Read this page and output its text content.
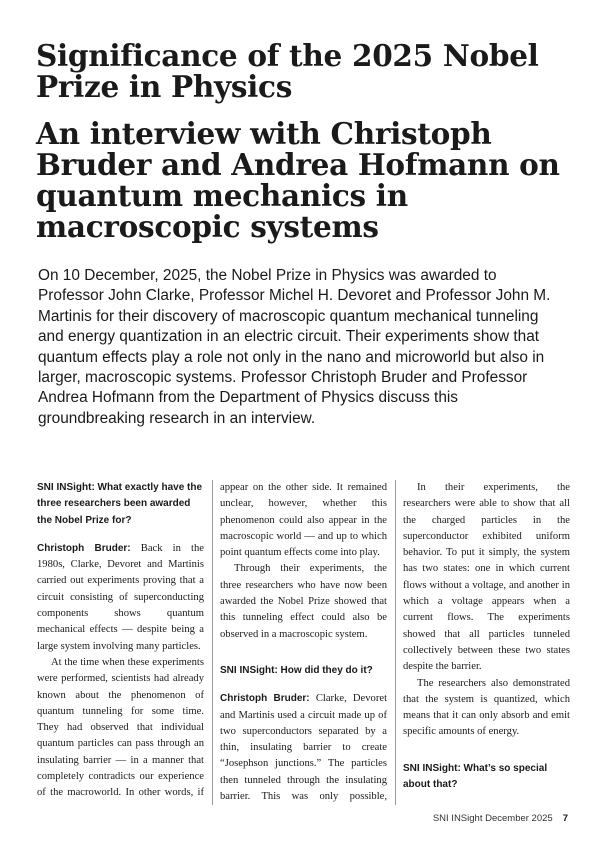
Significance of the 2025 Nobel Prize in Physics
An interview with Christoph Bruder and Andrea Hofmann on quantum mechanics in macroscopic systems

On 10 December, 2025, the Nobel Prize in Physics was awarded to Professor John Clarke, Professor Michel H. Devoret and Professor John M. Martinis for their discovery of macroscopic quantum mechanical tunneling and energy quantization in an electric circuit. Their experiments show that quantum effects play a role not only in the nano and microworld but also in larger, macroscopic systems. Professor Christoph Bruder and Professor Andrea Hofmann from the Department of Physics discuss this groundbreaking research in an interview.

SNI INSight: What exactly have the three researchers been awarded the Nobel Prize for?

Christoph Bruder: Back in the 1980s, Clarke, Devoret and Martinis carried out experiments proving that a circuit consisting of superconducting components shows quantum mechanical effects — despite being a large system involving many particles.

At the time when these experiments were performed, scientists had already known about the phenomenon of quantum tunneling for some time. They had observed that individual quantum particles can pass through an insulating barrier — in a manner that completely contradicts our experience of the macroworld. In other words, if

appear on the other side. It remained unclear, however, whether this phenomenon could also appear in the macroscopic world — and up to which point quantum effects come into play.

Through their experiments, the three researchers who have now been awarded the Nobel Prize showed that this tunneling effect could also be observed in a macroscopic system.

SNI INSight: How did they do it?

Christoph Bruder: Clarke, Devoret and Martinis used a circuit made up of two superconductors separated by a thin, insulating barrier to create “Josephson junctions.” The particles then tunneled through the insulating barrier. This was only possible,

In their experiments, the researchers were able to show that all the charged particles in the superconductor exhibited uniform behavior. To put it simply, the system has two states: one in which current flows without a voltage, and another in which a voltage appears when a current flows. The experiments showed that all particles tunneled collectively between these two states despite the barrier.

The researchers also demonstrated that the system is quantized, which means that it can only absorb and emit specific amounts of energy.

SNI INSight: What’s so special about that?

SNI INSight December 2025 7
